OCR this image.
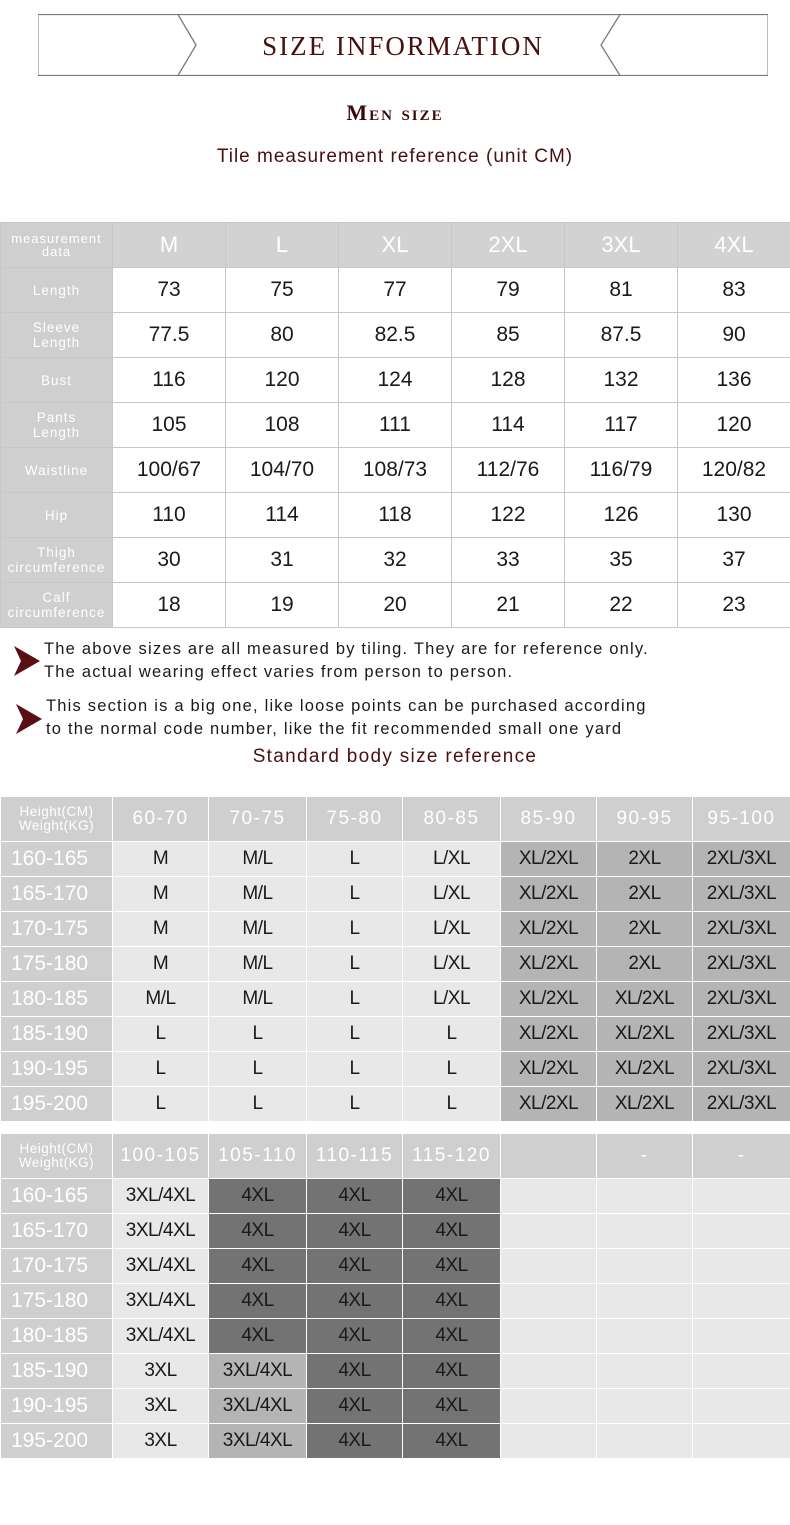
SIZE INFORMATION
Men size
Tile measurement reference (unit CM)
measurement
data	M	L	XL	2XL	3XL	4XL

Length	73	75	77	79	81	83

Sleeve
Length	77.5	80	82.5	85	87.5	90

Bust	116	120	124	128	132	136

Pants
Length	105	108	111	114	117	120

Waistline	100/67	104/70	108/73	112/76	116/79	120/82

Hip	110	114	118	122	126	130

Thigh
circumference	30	31	32	33	35	37

Calf
circumference	18	19	20	21	22	23
The above sizes are all measured by tiling. They are for reference only.
The actual wearing effect varies from person to person.
This section is a big one, like loose points can be purchased according
to the normal code number, like the fit recommended small one yard
Standard body size reference
Height(CM)
Weight(KG)	60-70	70-75	75-80	80-85	85-90	90-95	95-100
160-165	M	M/L	L	L/XL	XL/2XL	2XL	2XL/3XL
165-170	M	M/L	L	L/XL	XL/2XL	2XL	2XL/3XL
170-175	M	M/L	L	L/XL	XL/2XL	2XL	2XL/3XL
175-180	M	M/L	L	L/XL	XL/2XL	2XL	2XL/3XL
180-185	M/L	M/L	L	L/XL	XL/2XL	XL/2XL	2XL/3XL
185-190	L	L	L	L	XL/2XL	XL/2XL	2XL/3XL
190-195	L	L	L	L	XL/2XL	XL/2XL	2XL/3XL
195-200	L	L	L	L	XL/2XL	XL/2XL	2XL/3XL
Height(CM)
Weight(KG)	100-105	105-110	110-115	115-120		-	-
160-165	3XL/4XL	4XL	4XL	4XL			
165-170	3XL/4XL	4XL	4XL	4XL			
170-175	3XL/4XL	4XL	4XL	4XL			
175-180	3XL/4XL	4XL	4XL	4XL			
180-185	3XL/4XL	4XL	4XL	4XL			
185-190	3XL	3XL/4XL	4XL	4XL			
190-195	3XL	3XL/4XL	4XL	4XL			
195-200	3XL	3XL/4XL	4XL	4XL			
